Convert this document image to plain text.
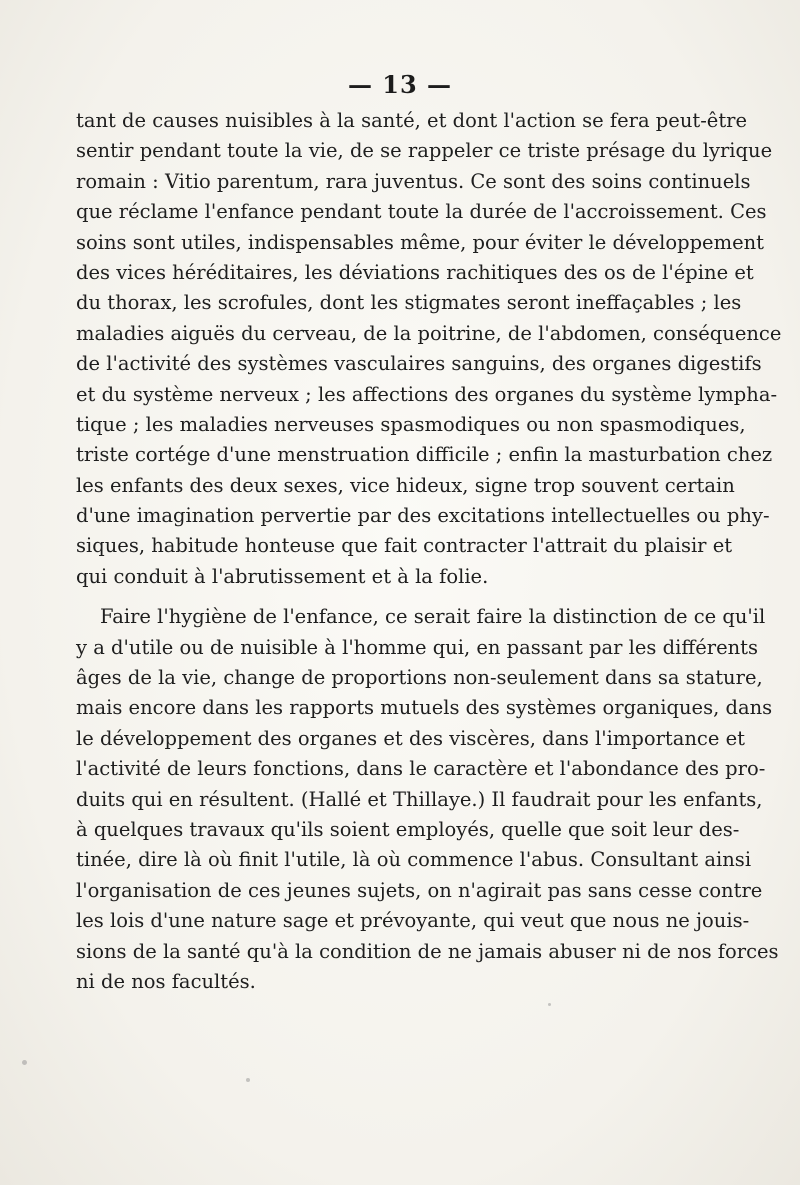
— 13 —
tant de causes nuisibles à la santé, et dont l'action se fera peut-être
sentir pendant toute la vie, de se rappeler ce triste présage du lyrique
romain : Vitio parentum, rara juventus. Ce sont des soins continuels
que réclame l'enfance pendant toute la durée de l'accroissement. Ces
soins sont utiles, indispensables même, pour éviter le développement
des vices héréditaires, les déviations rachitiques des os de l'épine et
du thorax, les scrofules, dont les stigmates seront ineffaçables ; les
maladies aiguës du cerveau, de la poitrine, de l'abdomen, conséquence
de l'activité des systèmes vasculaires sanguins, des organes digestifs
et du système nerveux ; les affections des organes du système lympha-
tique ; les maladies nerveuses spasmodiques ou non spasmodiques,
triste cortége d'une menstruation difficile ; enfin la masturbation chez
les enfants des deux sexes, vice hideux, signe trop souvent certain
d'une imagination pervertie par des excitations intellectuelles ou phy-
siques, habitude honteuse que fait contracter l'attrait du plaisir et
qui conduit à l'abrutissement et à la folie.
Faire l'hygiène de l'enfance, ce serait faire la distinction de ce qu'il
y a d'utile ou de nuisible à l'homme qui, en passant par les différents
âges de la vie, change de proportions non-seulement dans sa stature,
mais encore dans les rapports mutuels des systèmes organiques, dans
le développement des organes et des viscères, dans l'importance et
l'activité de leurs fonctions, dans le caractère et l'abondance des pro-
duits qui en résultent. (Hallé et Thillaye.) Il faudrait pour les enfants,
à quelques travaux qu'ils soient employés, quelle que soit leur des-
tinée, dire là où finit l'utile, là où commence l'abus. Consultant ainsi
l'organisation de ces jeunes sujets, on n'agirait pas sans cesse contre
les lois d'une nature sage et prévoyante, qui veut que nous ne jouis-
sions de la santé qu'à la condition de ne jamais abuser ni de nos forces
ni de nos facultés.
